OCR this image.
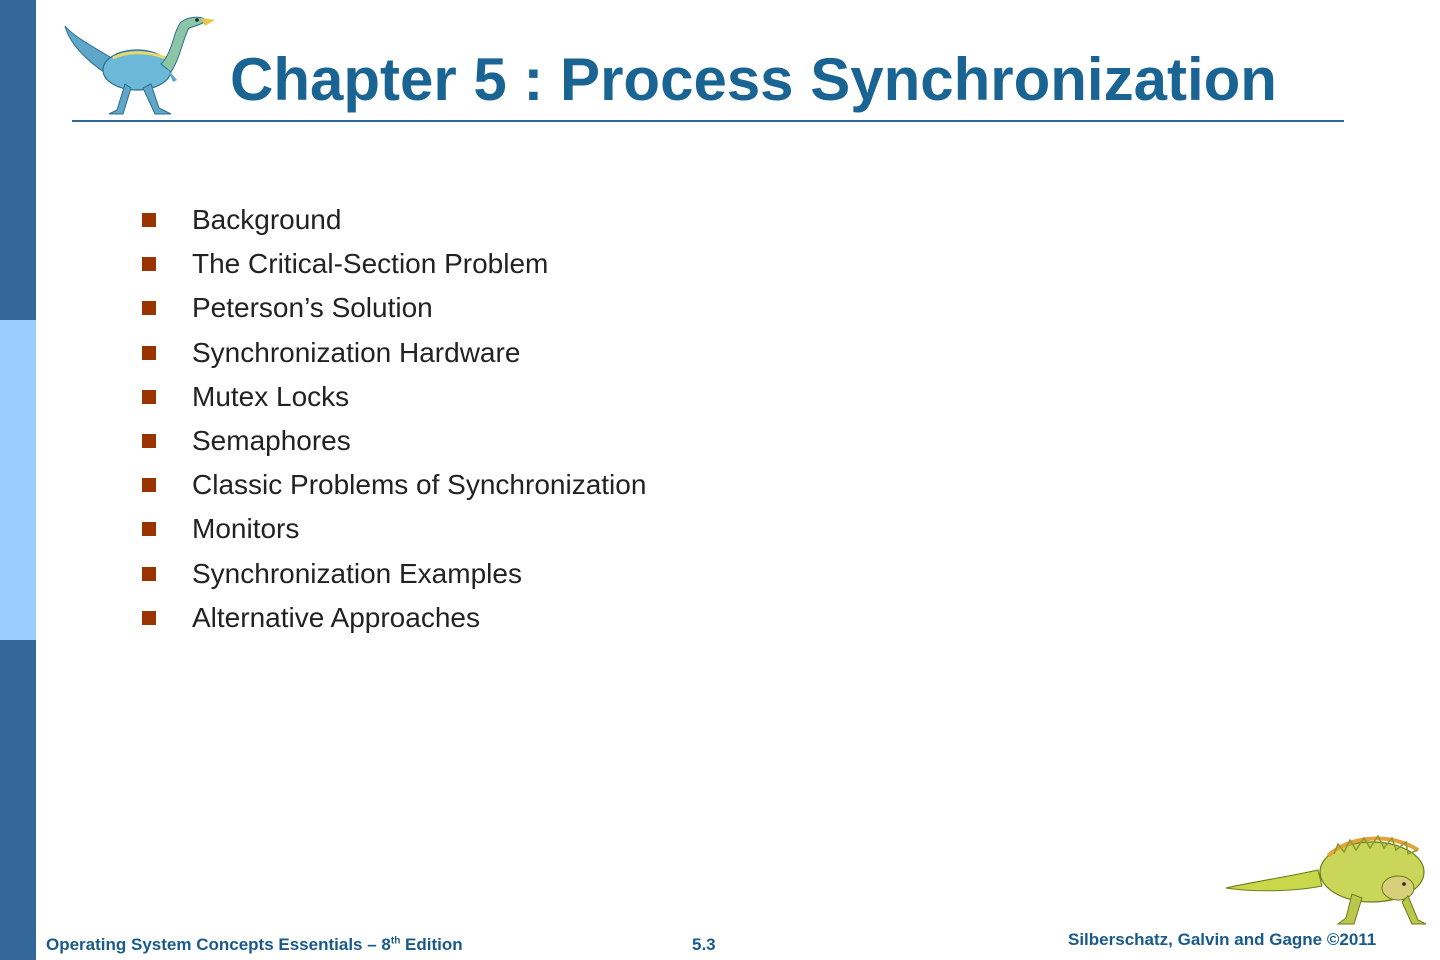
Chapter 5 : Process Synchronization
Background
The Critical-Section Problem
Peterson’s Solution
Synchronization Hardware
Mutex Locks
Semaphores
Classic Problems of Synchronization
Monitors
Synchronization Examples
Alternative Approaches
Operating System Concepts Essentials – 8th Edition	5.3	Silberschatz, Galvin and Gagne ©2011
